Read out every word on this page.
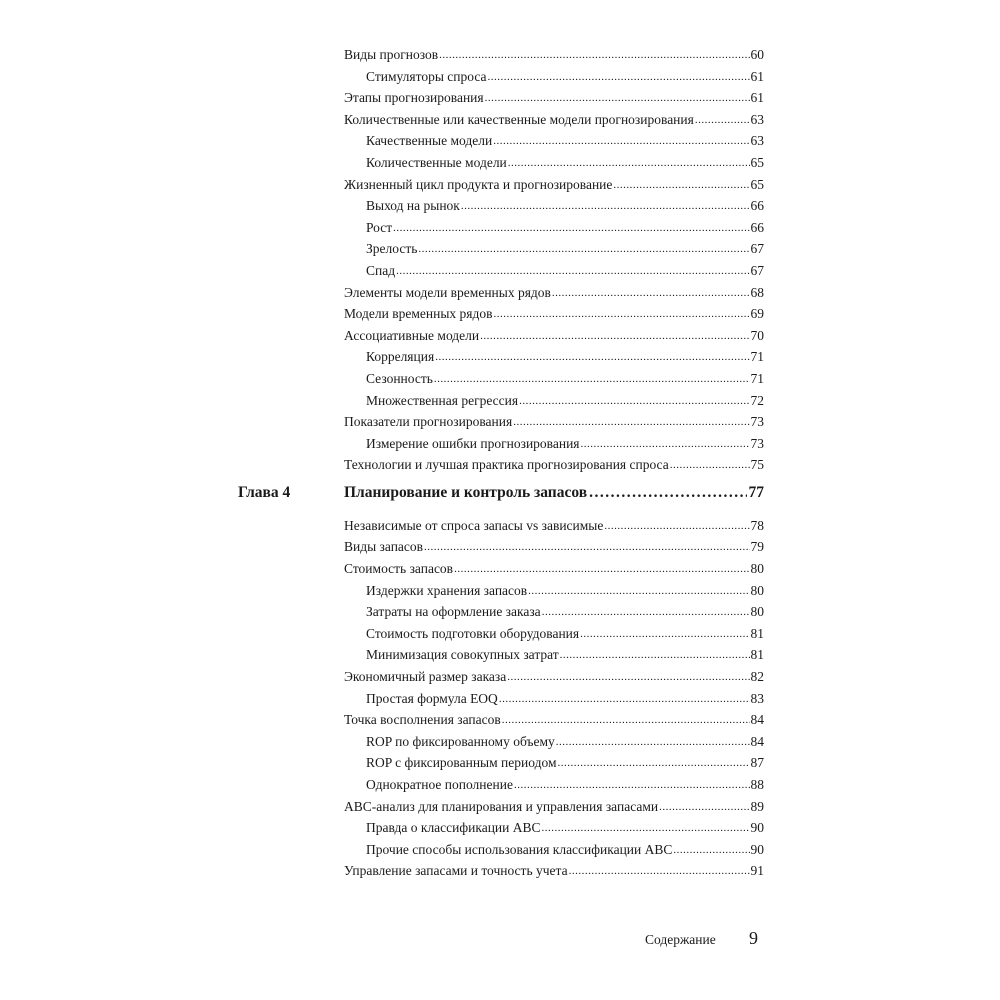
Виды прогнозов .....	60
Стимуляторы спроса .....	61
Этапы прогнозирования .....	61
Количественные или качественные модели прогнозирования .....	63
Качественные модели .....	63
Количественные модели .....	65
Жизненный цикл продукта и прогнозирование .....	65
Выход на рынок .....	66
Рост .....	66
Зрелость .....	67
Спад .....	67
Элементы модели временных рядов .....	68
Модели временных рядов .....	69
Ассоциативные модели .....	70
Корреляция .....	71
Сезонность .....	71
Множественная регрессия .....	72
Показатели прогнозирования .....	73
Измерение ошибки прогнозирования .....	73
Технологии и лучшая практика прогнозирования спроса .....	75
Глава 4	Планирование и контроль запасов .....	77
Независимые от спроса запасы vs зависимые .....	78
Виды запасов .....	79
Стоимость запасов .....	80
Издержки хранения запасов .....	80
Затраты на оформление заказа .....	80
Стоимость подготовки оборудования .....	81
Минимизация совокупных затрат .....	81
Экономичный размер заказа .....	82
Простая формула EOQ .....	83
Точка восполнения запасов .....	84
ROP по фиксированному объему .....	84
ROP с фиксированным периодом .....	87
Однократное пополнение .....	88
ABC-анализ для планирования и управления запасами .....	89
Правда о классификации ABC .....	90
Прочие способы использования классификации ABC .....	90
Управление запасами и точность учета .....	91
Содержание 9
